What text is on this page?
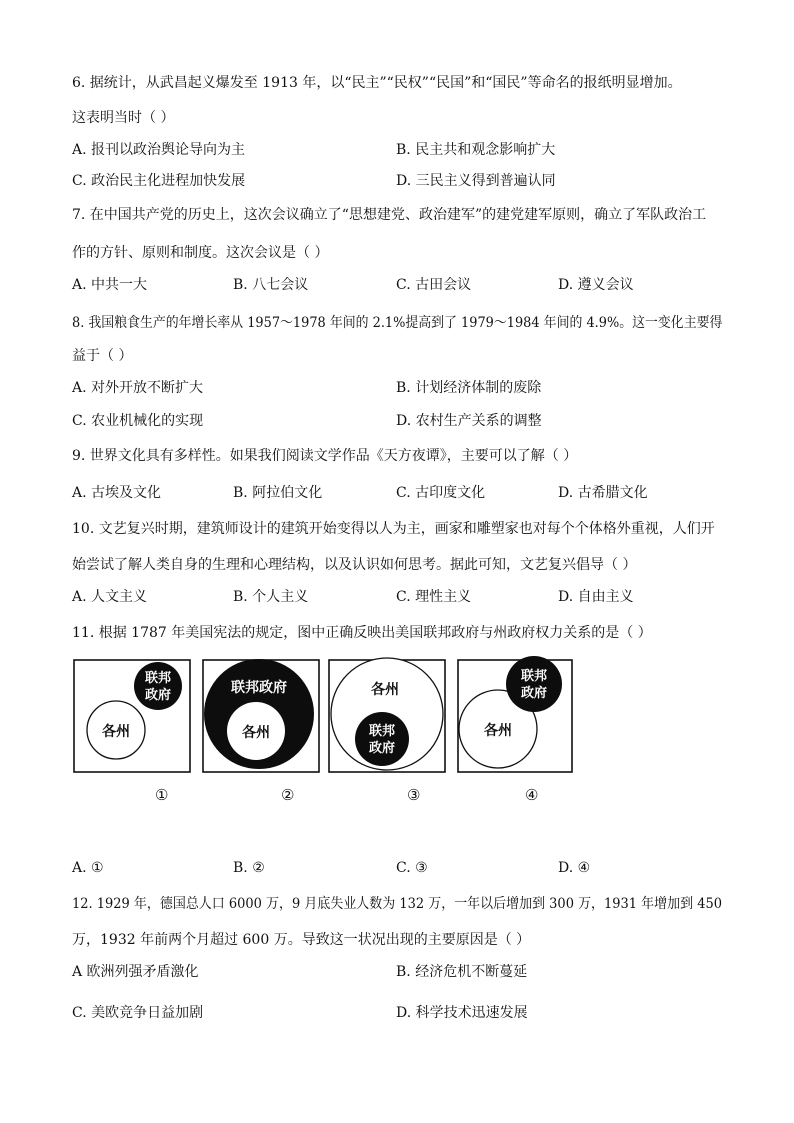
6. 据统计，从武昌起义爆发至 1913 年，以“民主”“民权”“民国”和“国民”等命名的报纸明显增加。
这表明当时（ ）
A. 报刊以政治舆论导向为主	B. 民主共和观念影响扩大
C. 政治民主化进程加快发展	D. 三民主义得到普遍认同
7. 在中国共产党的历史上，这次会议确立了“思想建党、政治建军”的建党建军原则，确立了军队政治工
作的方针、原则和制度。这次会议是（ ）
A. 中共一大	B. 八七会议	C. 古田会议	D. 遵义会议
8. 我国粮食生产的年增长率从 1957～1978 年间的 2.1%提高到了 1979～1984 年间的 4.9%。这一变化主要得
益于（ ）
A. 对外开放不断扩大	B. 计划经济体制的废除
C. 农业机械化的实现	D. 农村生产关系的调整
9. 世界文化具有多样性。如果我们阅读文学作品《天方夜谭》，主要可以了解（ ）
A. 古埃及文化	B. 阿拉伯文化	C. 古印度文化	D. 古希腊文化
10. 文艺复兴时期，建筑师设计的建筑开始变得以人为主，画家和雕塑家也对每个个体格外重视，人们开
始尝试了解人类自身的生理和心理结构，以及认识如何思考。据此可知，文艺复兴倡导（ ）
A. 人文主义	B. 个人主义	C. 理性主义	D. 自由主义
11. 根据 1787 年美国宪法的规定，图中正确反映出美国联邦政府与州政府权力关系的是（ ）
各州
联邦
政府	联邦政府
各州
各州
联邦
政府
各州
联邦
政府
①	②	③	④
A. ①	B. ②	C. ③	D. ④
12. 1929 年，德国总人口 6000 万，9 月底失业人数为 132 万，一年以后增加到 300 万，1931 年增加到 450
万，1932 年前两个月超过 600 万。导致这一状况出现的主要原因是（ ）
A 欧洲列强矛盾激化	B. 经济危机不断蔓延
C. 美欧竞争日益加剧	D. 科学技术迅速发展
